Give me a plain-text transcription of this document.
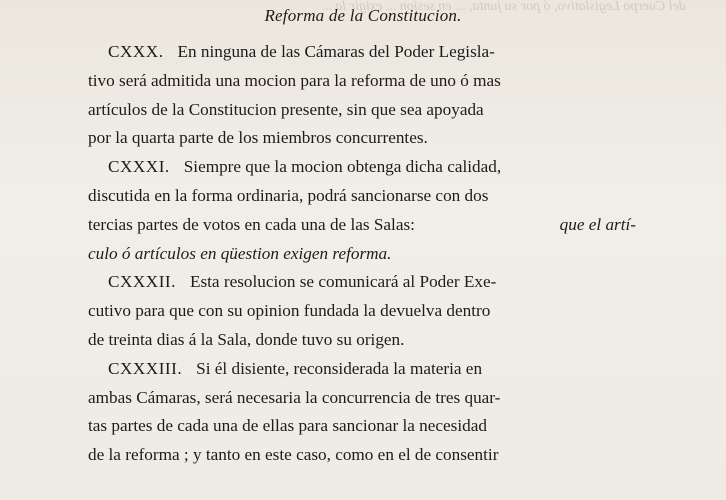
del Cuerpo Legislativo, ó por su junta, ... en sesion ... exigir la ...
Reforma de la Constitucion.
CXXX. En ninguna de las Cámaras del Poder Legisla-
tivo será admitida una mocion para la reforma de uno ó mas
artículos de la Constitucion presente, sin que sea apoyada
por la quarta parte de los miembros concurrentes.
CXXXI. Siempre que la mocion obtenga dicha calidad,
discutida en la forma ordinaria, podrá sancionarse con dos
tercias partes de votos en cada una de las Salas:	que el artí-
culo ó artículos en qüestion exigen reforma.
CXXXII. Esta resolucion se comunicará al Poder Exe-
cutivo para que con su opinion fundada la devuelva dentro
de treinta dias á la Sala, donde tuvo su origen.
CXXXIII. Si él disiente, reconsiderada la materia en
ambas Cámaras, será necesaria la concurrencia de tres quar-
tas partes de cada una de ellas para sancionar la necesidad
de la reforma ; y tanto en este caso, como en el de consentir
